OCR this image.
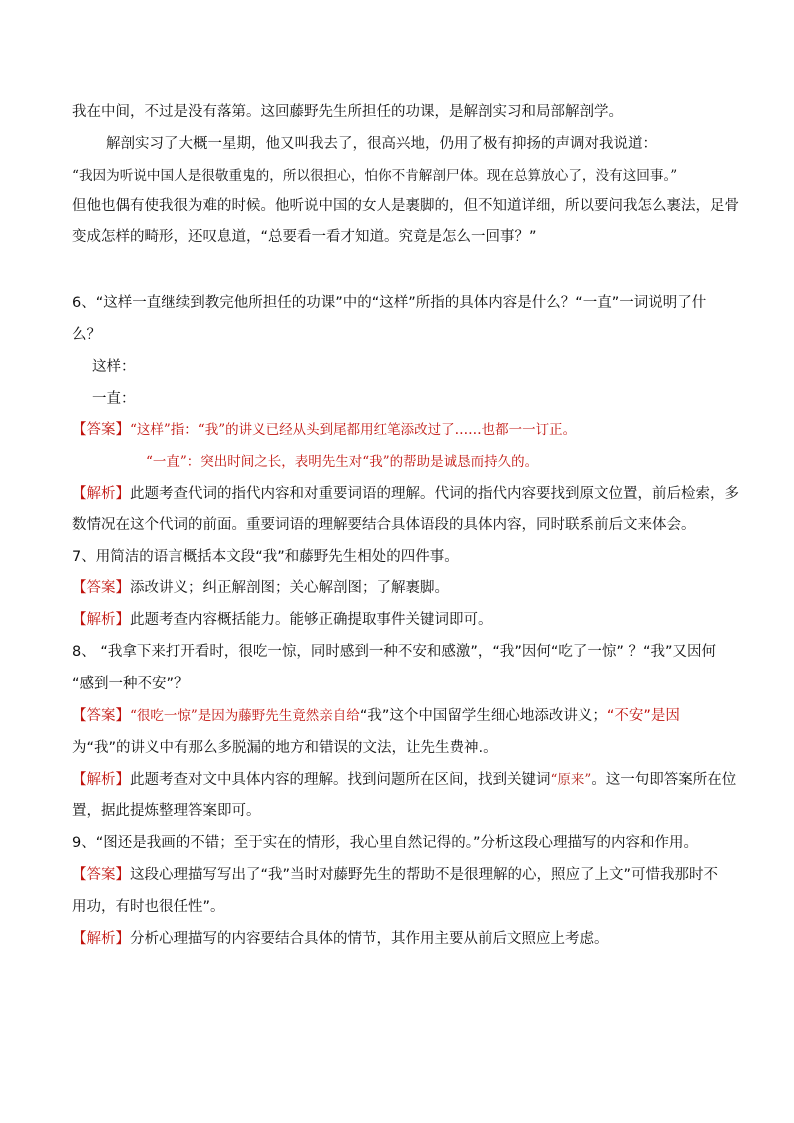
我在中间，不过是没有落第。这回藤野先生所担任的功课，是解剖实习和局部解剖学。
解剖实习了大概一星期，他又叫我去了，很高兴地，仍用了极有抑扬的声调对我说道：
“我因为听说中国人是很敬重鬼的，所以很担心，怕你不肯解剖尸体。现在总算放心了，没有这回事。”
但他也偶有使我很为难的时候。他听说中国的女人是裹脚的，但不知道详细，所以要问我怎么裹法，足骨
变成怎样的畸形，还叹息道，“总要看一看才知道。究竟是怎么一回事？”
6、“这样一直继续到教完他所担任的功课”中的“这样”所指的具体内容是什么？“一直”一词说明了什
么？
这样：
一直：
【答案】“这样”指：“我”的讲义已经从头到尾都用红笔添改过了……也都一一订正。
“一直”：突出时间之长，表明先生对“我”的帮助是诚恳而持久的。
【解析】此题考查代词的指代内容和对重要词语的理解。代词的指代内容要找到原文位置，前后检索，多
数情况在这个代词的前面。重要词语的理解要结合具体语段的具体内容，同时联系前后文来体会。
7、用简洁的语言概括本文段“我”和藤野先生相处的四件事。
【答案】添改讲义；纠正解剖图；关心解剖图；了解裹脚。
【解析】此题考查内容概括能力。能够正确提取事件关键词即可。
8、 “我拿下来打开看时，很吃一惊，同时感到一种不安和感激”，“我”因何“吃了一惊” ？“我”又因何
“感到一种不安”？
【答案】“很吃一惊”是因为藤野先生竟然亲自给“我”这个中国留学生细心地添改讲义；“不安”是因
为“我”的讲义中有那么多脱漏的地方和错误的文法，让先生费神.。
【解析】此题考查对文中具体内容的理解。找到问题所在区间，找到关键词“原来”。这一句即答案所在位
置，据此提炼整理答案即可。
9、“图还是我画的不错；至于实在的情形，我心里自然记得的。”分析这段心理描写的内容和作用。
【答案】这段心理描写写出了“我”当时对藤野先生的帮助不是很理解的心，照应了上文”可惜我那时不
用功，有时也很任性”。
【解析】分析心理描写的内容要结合具体的情节，其作用主要从前后文照应上考虑。
